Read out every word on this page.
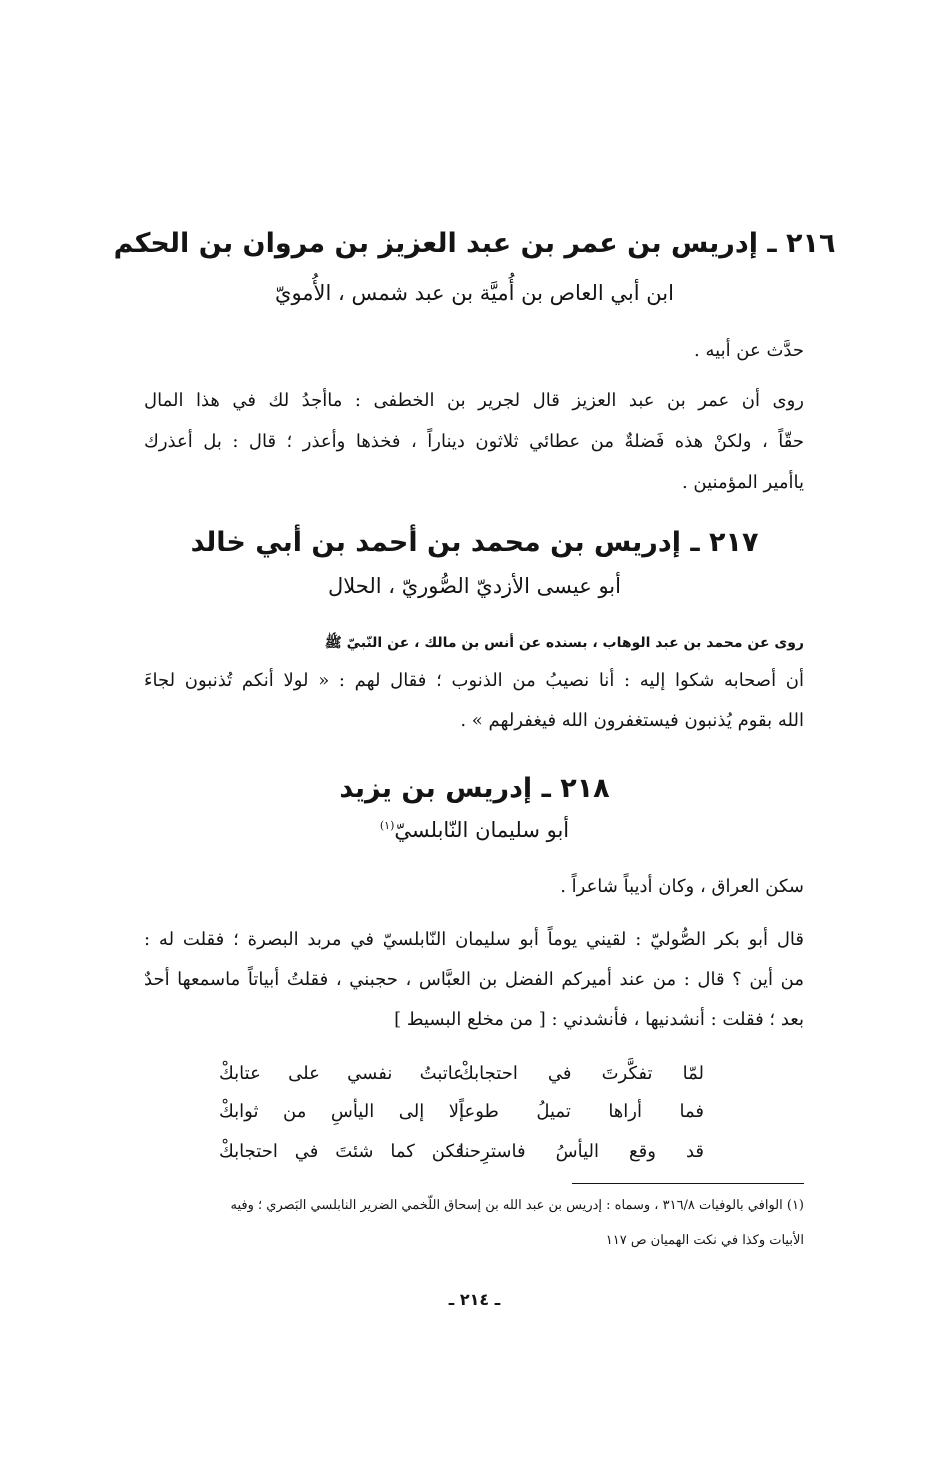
٢١٦ ـ إدريس بن عمر بن عبد العزيز بن مروان بن الحكم
ابن أبي العاص بن أُميَّة بن عبد شمس ، الأُمويّ
حدَّث عن أبيه .
روى أن عمر بن عبد العزيز قال لجرير بن الخطفى : ماأجدُ لك في هذا المال
حقّاً ، ولكنْ هذه فَضلةٌ من عطائي ثلاثون ديناراً ، فخذها وأعذر ؛ قال : بل أعذرك
ياأمير المؤمنين .
٢١٧ ـ إدريس بن محمد بن أحمد بن أبي خالد
أبو عيسى الأزديّ الصُّوريّ ، الحلال
روى عن محمد بن عبد الوهاب ، بسنده عن أنس بن مالك ، عن النّبيّ ﷺ
أن أصحابه شكوا إليه : أنا نصيبُ من الذنوب ؛ فقال لهم : « لولا أنكم تُذنبون لجاءَ
الله بقوم يُذنبون فيستغفرون الله فيغفرلهم » .
٢١٨ ـ إدريس بن يزيد
أبو سليمان النّابلسيّ$^{(١)}$
سكن العراق ، وكان أديباً شاعراً .
قال أبو بكر الصُّوليّ : لقيني يوماً أبو سليمان النّابلسيّ في مربد البصرة ؛ فقلت له :
من أين ؟ قال : من عند أميركم الفضل بن العبَّاس ، حجبني ، فقلتُ أبياتاً ماسمعها أحدٌ
بعد ؛ فقلت : أنشدنيها ، فأنشدني : [ من مخلع البسيط ]
لمّا تفكَّرتَ في احتجابكْ
عاتبتُ نفسي على عتابكْ
فما أراها تميلُ طوعاً
إلا إلى اليأسِ من ثوابكْ
قد وقع اليأسُ فاسترِحنا
فكن كما شئتَ في احتجابكْ
(١) الوافي بالوفيات ٣١٦/٨ ، وسماه : إدريس بن عبد الله بن إسحاق اللّخمي الضرير النابلسي البَصري ؛ وفيه
الأبيات وكذا في نكت الهميان ص ١١٧
ـ ٢١٤ ـ
